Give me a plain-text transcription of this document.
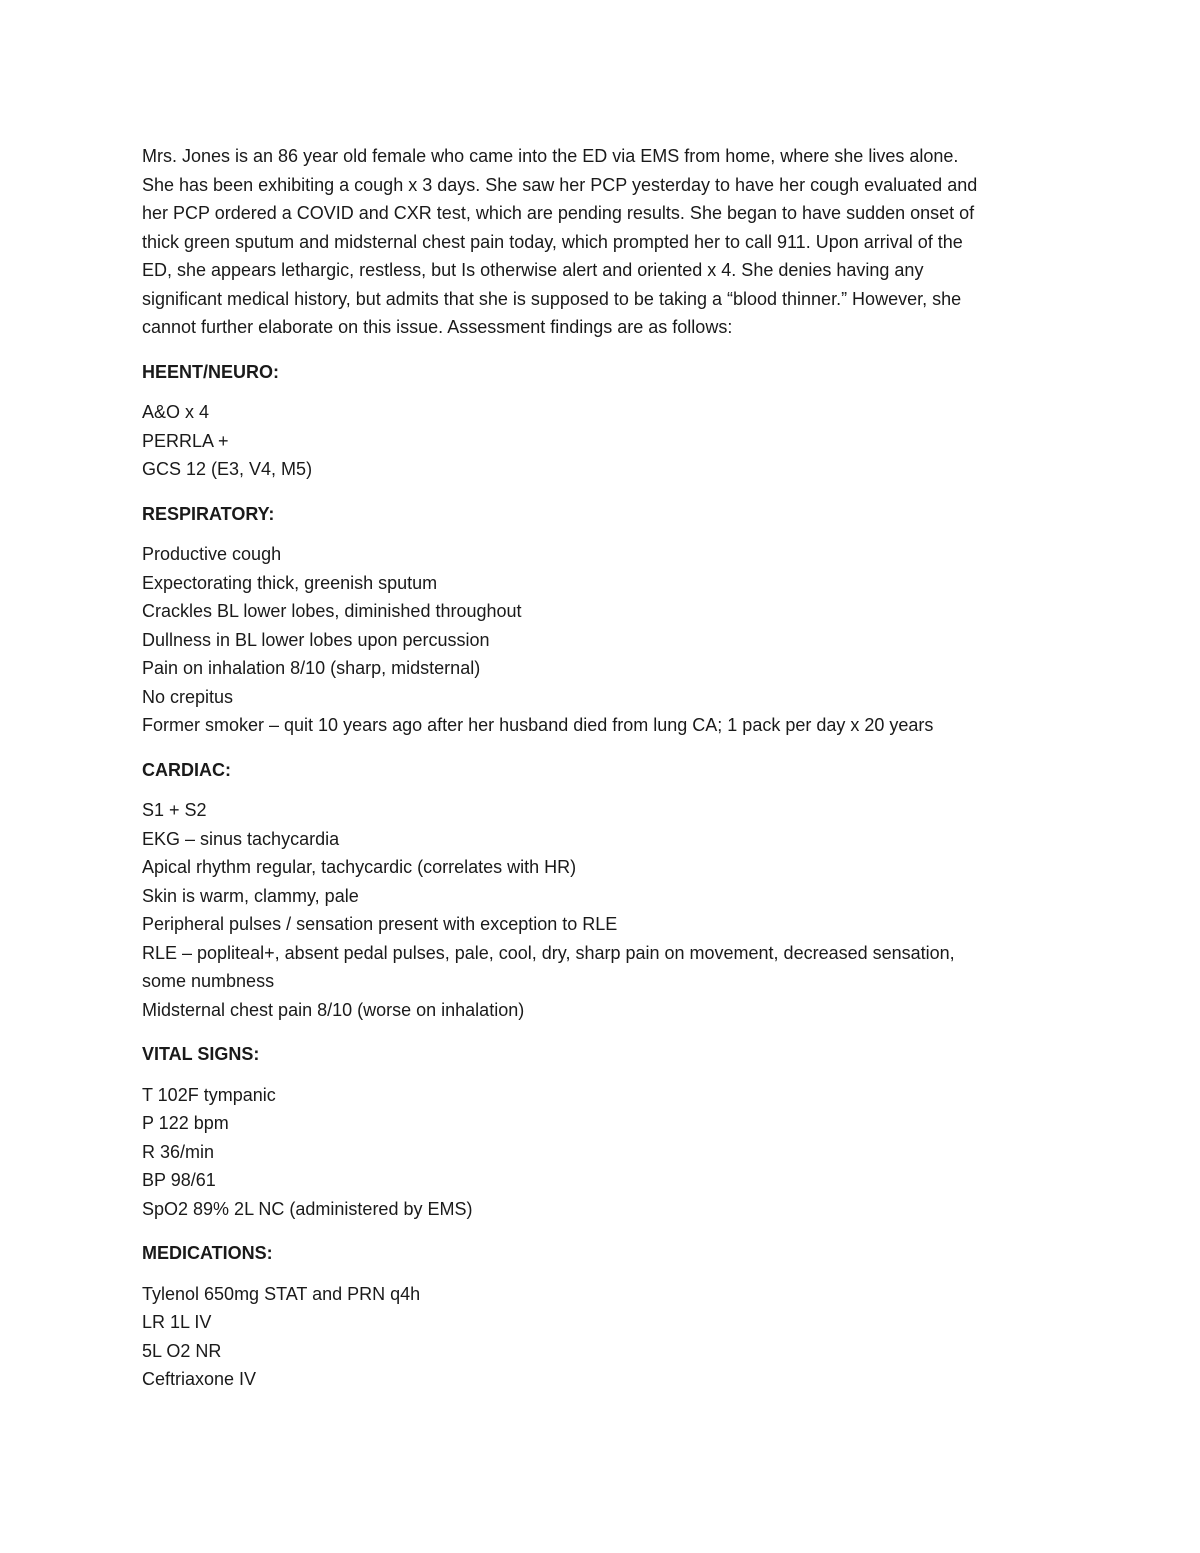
Mrs. Jones is an 86 year old female who came into the ED via EMS from home, where she lives alone.
She has been exhibiting a cough x 3 days. She saw her PCP yesterday to have her cough evaluated and
her PCP ordered a COVID and CXR test, which are pending results. She began to have sudden onset of
thick green sputum and midsternal chest pain today, which prompted her to call 911. Upon arrival of the
ED, she appears lethargic, restless, but Is otherwise alert and oriented x 4. She denies having any
significant medical history, but admits that she is supposed to be taking a “blood thinner.” However, she
cannot further elaborate on this issue. Assessment findings are as follows:

HEENT/NEURO:
A&O x 4
PERRLA +
GCS 12 (E3, V4, M5)
RESPIRATORY:
Productive cough
Expectorating thick, greenish sputum
Crackles BL lower lobes, diminished throughout
Dullness in BL lower lobes upon percussion
Pain on inhalation 8/10 (sharp, midsternal)
No crepitus
Former smoker – quit 10 years ago after her husband died from lung CA; 1 pack per day x 20 years
CARDIAC:
S1 + S2
EKG – sinus tachycardia
Apical rhythm regular, tachycardic (correlates with HR)
Skin is warm, clammy, pale
Peripheral pulses / sensation present with exception to RLE
RLE – popliteal+, absent pedal pulses, pale, cool, dry, sharp pain on movement, decreased sensation,
some numbness
Midsternal chest pain 8/10 (worse on inhalation)
VITAL SIGNS:
T 102F tympanic
P 122 bpm
R 36/min
BP 98/61
SpO2 89% 2L NC (administered by EMS)
MEDICATIONS:
Tylenol 650mg STAT and PRN q4h
LR 1L IV
5L O2 NR
Ceftriaxone IV
